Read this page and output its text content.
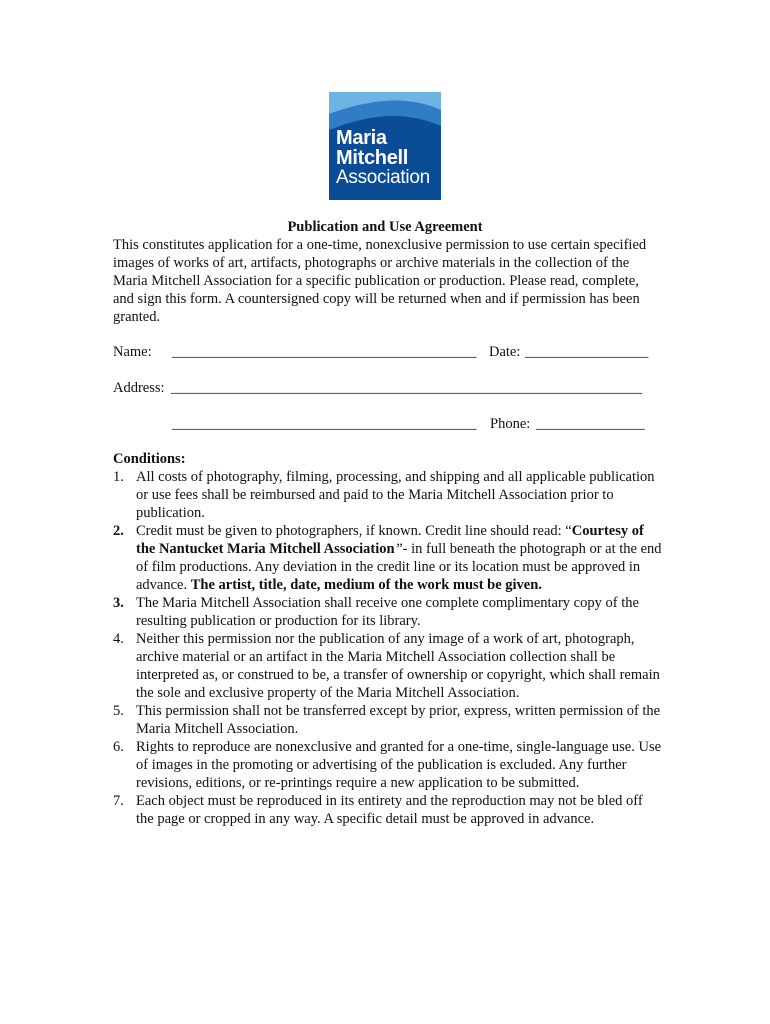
Maria
Mitchell
Association
Publication and Use Agreement

This constitutes application for a one-time, nonexclusive permission to use certain specified images of works of art, artifacts, photographs or archive materials in the collection of the Maria Mitchell Association for a specific publication or production. Please read, complete, and sign this form. A countersigned copy will be returned when and if permission has been granted.

Name: __________________________________________ Date: _________________
Address: _________________________________________________________________
__________________________________________ Phone: _______________
Conditions:
1. All costs of photography, filming, processing, and shipping and all applicable publication or use fees shall be reimbursed and paid to the Maria Mitchell Association prior to publication.
2. Credit must be given to photographers, if known. Credit line should read: “Courtesy of the Nantucket Maria Mitchell Association”- in full beneath the photograph or at the end of film productions. Any deviation in the credit line or its location must be approved in advance. The artist, title, date, medium of the work must be given.
3. The Maria Mitchell Association shall receive one complete complimentary copy of the resulting publication or production for its library.
4. Neither this permission nor the publication of any image of a work of art, photograph, archive material or an artifact in the Maria Mitchell Association collection shall be interpreted as, or construed to be, a transfer of ownership or copyright, which shall remain the sole and exclusive property of the Maria Mitchell Association.
5. This permission shall not be transferred except by prior, express, written permission of the Maria Mitchell Association.
6. Rights to reproduce are nonexclusive and granted for a one-time, single-language use. Use of images in the promoting or advertising of the publication is excluded. Any further revisions, editions, or re-printings require a new application to be submitted.
7. Each object must be reproduced in its entirety and the reproduction may not be bled off the page or cropped in any way. A specific detail must be approved in advance.
